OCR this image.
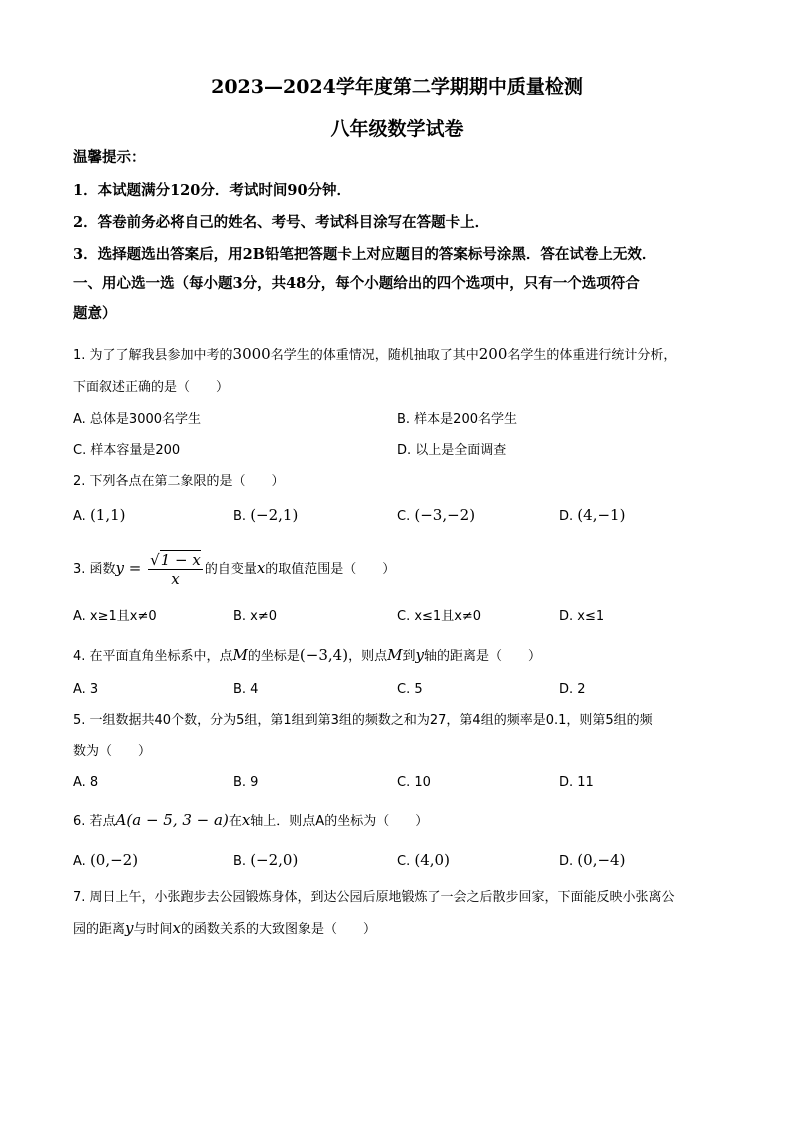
2023—2024学年度第二学期期中质量检测
八年级数学试卷
温馨提示：
1．本试题满分120分．考试时间90分钟．
2．答卷前务必将自己的姓名、考号、考试科目涂写在答题卡上．
3．选择题选出答案后，用2B铅笔把答题卡上对应题目的答案标号涂黑．答在试卷上无效．
一、用心选一选（每小题3分，共48分，每个小题给出的四个选项中，只有一个选项符合
题意）
1. 为了了解我县参加中考的3000名学生的体重情况，随机抽取了其中200名学生的体重进行统计分析，
下面叙述正确的是（　　）
A. 总体是3000名学生	B. 样本是200名学生
C. 样本容量是200	D. 以上是全面调查
2. 下列各点在第二象限的是（　　）
A. (1,1)	B. (−2,1)	C. (−3,−2)	D. (4,−1)
3. 函数$y = \frac{√1 - x}{x}$ 的自变量x的取值范围是（　　）
A. x≥1且x≠0	B. x≠0	C. x≤1且x≠0	D. x≤1
4. 在平面直角坐标系中，点M的坐标是(−3,4)，则点M到y轴的距离是（　　）
A. 3	B. 4	C. 5	D. 2
5. 一组数据共40个数，分为5组，第1组到第3组的频数之和为27，第4组的频率是0.1，则第5组的频
数为（　　）
A. 8	B. 9	C. 10	D. 11
6. 若点A(a − 5, 3 − a)在x轴上．则点A的坐标为（　　）
A. (0,−2)	B. (−2,0)	C. (4,0)	D. (0,−4)
7. 周日上午，小张跑步去公园锻炼身体，到达公园后原地锻炼了一会之后散步回家，下面能反映小张离公
园的距离y与时间x的函数关系的大致图象是（　　）
